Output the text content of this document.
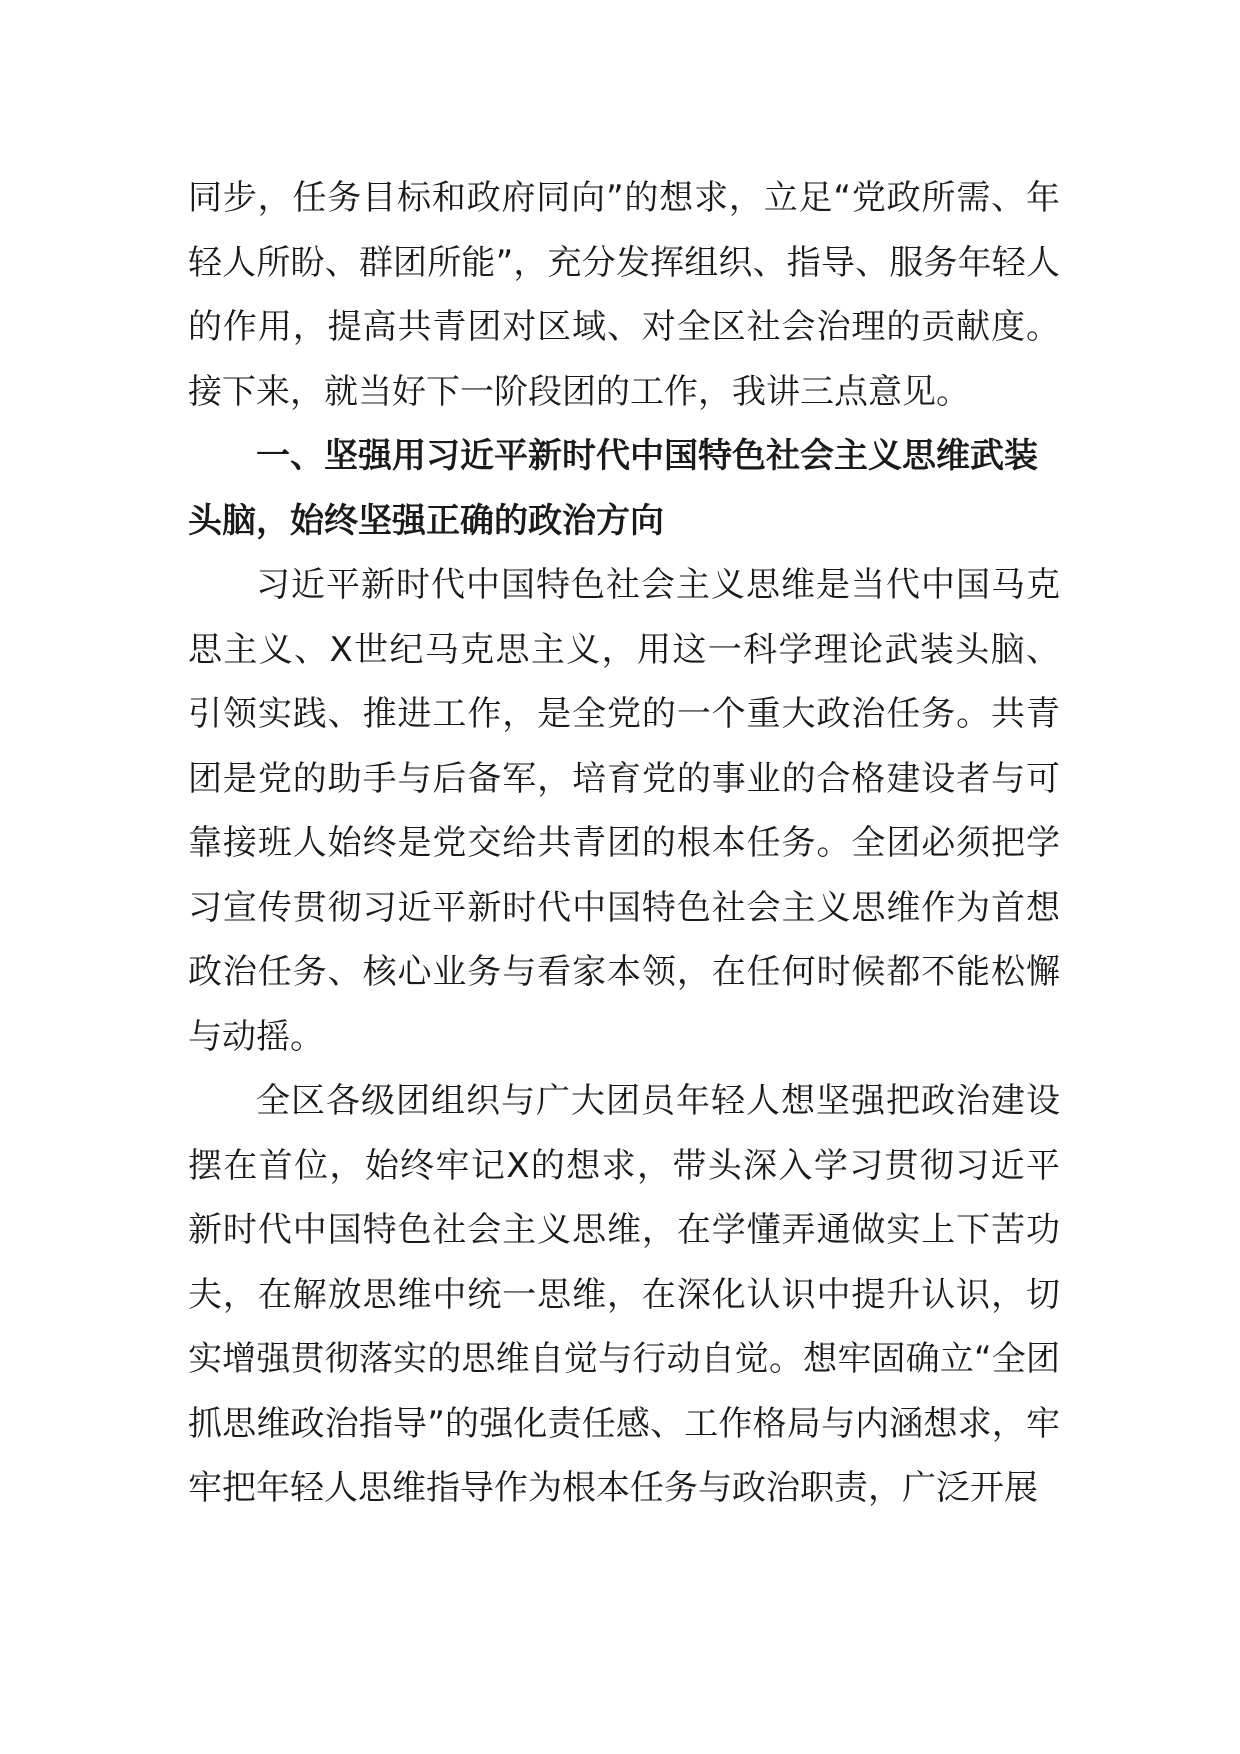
同步，任务目标和政府同向”的想求，立足“党政所需、年轻人所盼、群团所能”，充分发挥组织、指导、服务年轻人的作用，提高共青团对区域、对全区社会治理的贡献度。接下来，就当好下一阶段团的工作，我讲三点意见。

一、坚强用习近平新时代中国特色社会主义思维武装头脑，始终坚强正确的政治方向

习近平新时代中国特色社会主义思维是当代中国马克思主义、X世纪马克思主义，用这一科学理论武装头脑、引领实践、推进工作，是全党的一个重大政治任务。共青团是党的助手与后备军，培育党的事业的合格建设者与可靠接班人始终是党交给共青团的根本任务。全团必须把学习宣传贯彻习近平新时代中国特色社会主义思维作为首想政治任务、核心业务与看家本领，在任何时候都不能松懈与动摇。

全区各级团组织与广大团员年轻人想坚强把政治建设摆在首位，始终牢记X的想求，带头深入学习贯彻习近平新时代中国特色社会主义思维，在学懂弄通做实上下苦功夫，在解放思维中统一思维，在深化认识中提升认识，切实增强贯彻落实的思维自觉与行动自觉。想牢固确立“全团抓思维政治指导”的强化责任感、工作格局与内涵想求，牢牢把年轻人思维指导作为根本任务与政治职责，广泛开展
